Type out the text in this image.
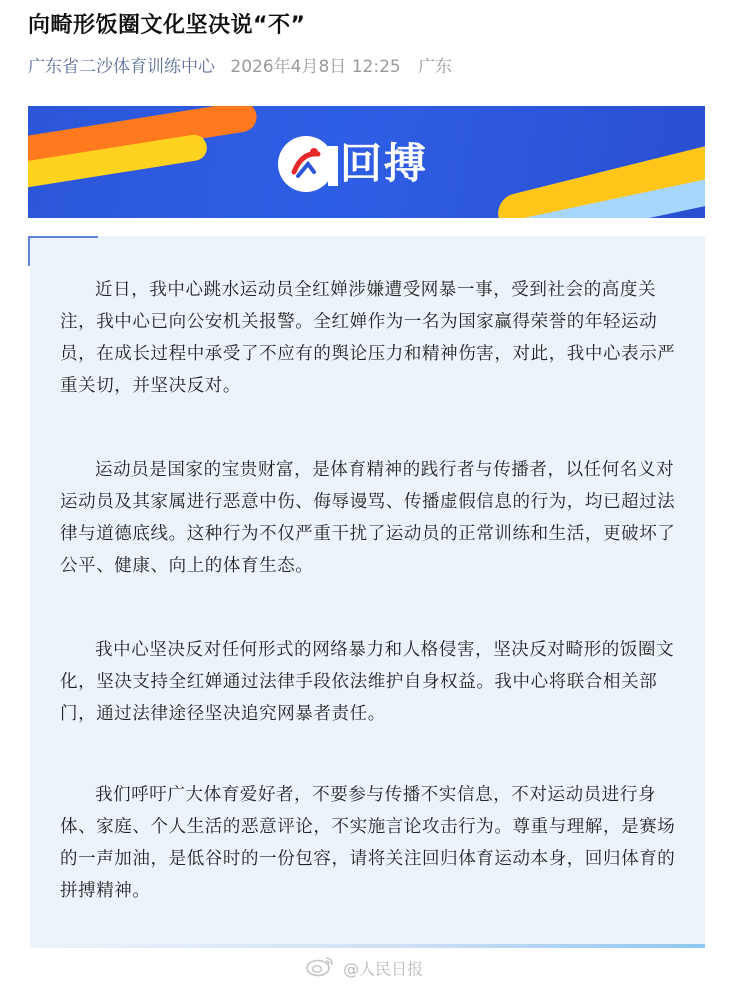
向畸形饭圈文化坚决说“不”
广东省二沙体育训练中心 2026年4月8日 12:25 广东
回搏

近日，我中心跳水运动员全红婵涉嫌遭受网暴一事，受到社会的高度关注，我中心已向公安机关报警。全红婵作为一名为国家赢得荣誉的年轻运动员，在成长过程中承受了不应有的舆论压力和精神伤害，对此，我中心表示严重关切，并坚决反对。

运动员是国家的宝贵财富，是体育精神的践行者与传播者，以任何名义对运动员及其家属进行恶意中伤、侮辱谩骂、传播虚假信息的行为，均已超过法律与道德底线。这种行为不仅严重干扰了运动员的正常训练和生活，更破坏了公平、健康、向上的体育生态。

我中心坚决反对任何形式的网络暴力和人格侵害，坚决反对畸形的饭圈文化，坚决支持全红婵通过法律手段依法维护自身权益。我中心将联合相关部门，通过法律途径坚决追究网暴者责任。

我们呼吁广大体育爱好者，不要参与传播不实信息，不对运动员进行身体、家庭、个人生活的恶意评论，不实施言论攻击行为。尊重与理解，是赛场的一声加油，是低谷时的一份包容，请将关注回归体育运动本身，回归体育的拼搏精神。

@人民日报
